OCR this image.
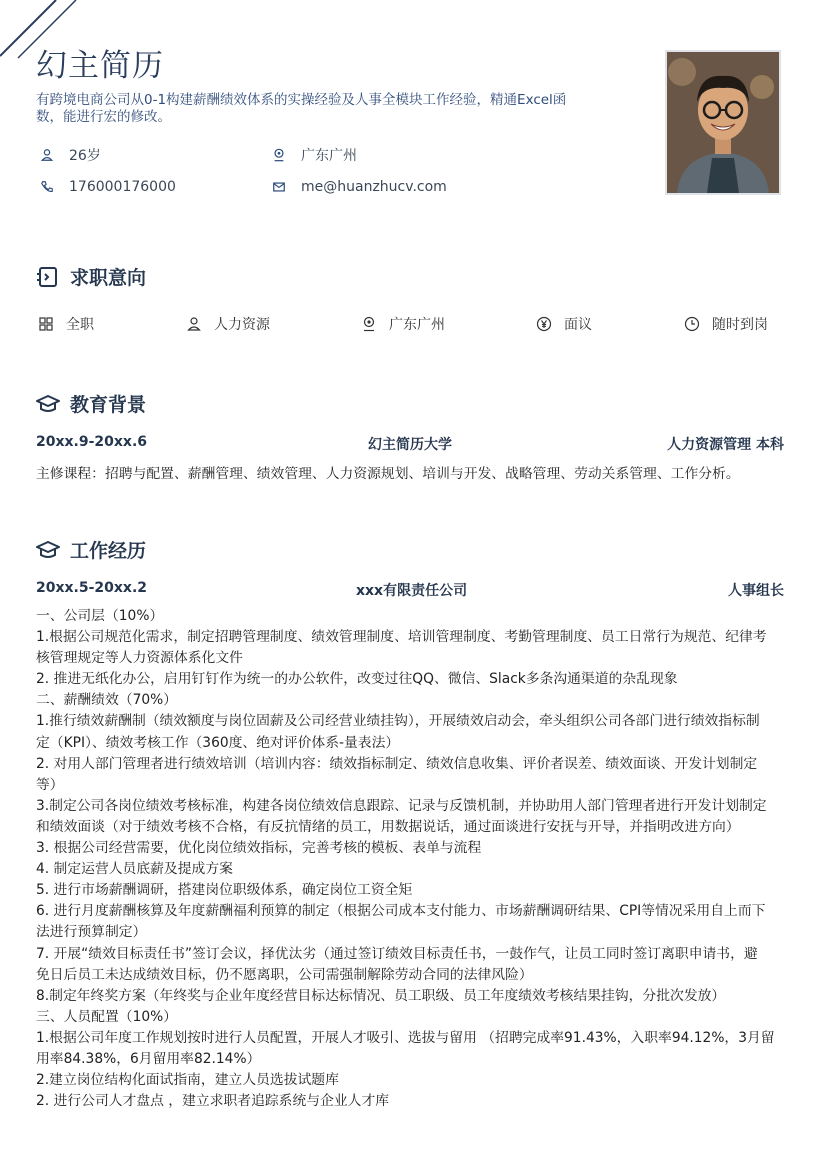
幻主简历
有跨境电商公司从0-1构建薪酬绩效体系的实操经验及人事全模块工作经验，精通Excel函数，能进行宏的修改。
26岁	广东广州
176000176000	me@huanzhucv.com
求职意向
全职	人力资源	广东广州	面议	随时到岗
教育背景
20xx.9-20xx.6	幻主简历大学	人力资源管理 本科
主修课程：招聘与配置、薪酬管理、绩效管理、人力资源规划、培训与开发、战略管理、劳动关系管理、工作分析。
工作经历
20xx.5-20xx.2	xxx有限责任公司	人事组长
一、公司层（10%）
1.根据公司规范化需求，制定招聘管理制度、绩效管理制度、培训管理制度、考勤管理制度、员工日常行为规范、纪律考
核管理规定等人力资源体系化文件
2. 推进无纸化办公，启用钉钉作为统一的办公软件，改变过往QQ、微信、Slack多条沟通渠道的杂乱现象
二、薪酬绩效（70%）
1.推行绩效薪酬制（绩效额度与岗位固薪及公司经营业绩挂钩），开展绩效启动会，牵头组织公司各部门进行绩效指标制
定（KPI）、绩效考核工作（360度、绝对评价体系-量表法）
2. 对用人部门管理者进行绩效培训（培训内容：绩效指标制定、绩效信息收集、评价者误差、绩效面谈、开发计划制定
等）
3.制定公司各岗位绩效考核标准，构建各岗位绩效信息跟踪、记录与反馈机制，并协助用人部门管理者进行开发计划制定
和绩效面谈（对于绩效考核不合格，有反抗情绪的员工，用数据说话，通过面谈进行安抚与开导，并指明改进方向）
3. 根据公司经营需要，优化岗位绩效指标，完善考核的模板、表单与流程
4. 制定运营人员底薪及提成方案
5. 进行市场薪酬调研，搭建岗位职级体系，确定岗位工资全矩
6. 进行月度薪酬核算及年度薪酬福利预算的制定（根据公司成本支付能力、市场薪酬调研结果、CPI等情况采用自上而下
法进行预算制定）
7. 开展“绩效目标责任书”签订会议，择优汰劣（通过签订绩效目标责任书，一鼓作气，让员工同时签订离职申请书，避
免日后员工未达成绩效目标，仍不愿离职，公司需强制解除劳动合同的法律风险）
8.制定年终奖方案（年终奖与企业年度经营目标达标情况、员工职级、员工年度绩效考核结果挂钩，分批次发放）
三、人员配置（10%）
1.根据公司年度工作规划按时进行人员配置，开展人才吸引、选拔与留用 （招聘完成率91.43%，入职率94.12%，3月留
用率84.38%，6月留用率82.14%）
2.建立岗位结构化面试指南，建立人员选拔试题库
2. 进行公司人才盘点 ，建立求职者追踪系统与企业人才库
